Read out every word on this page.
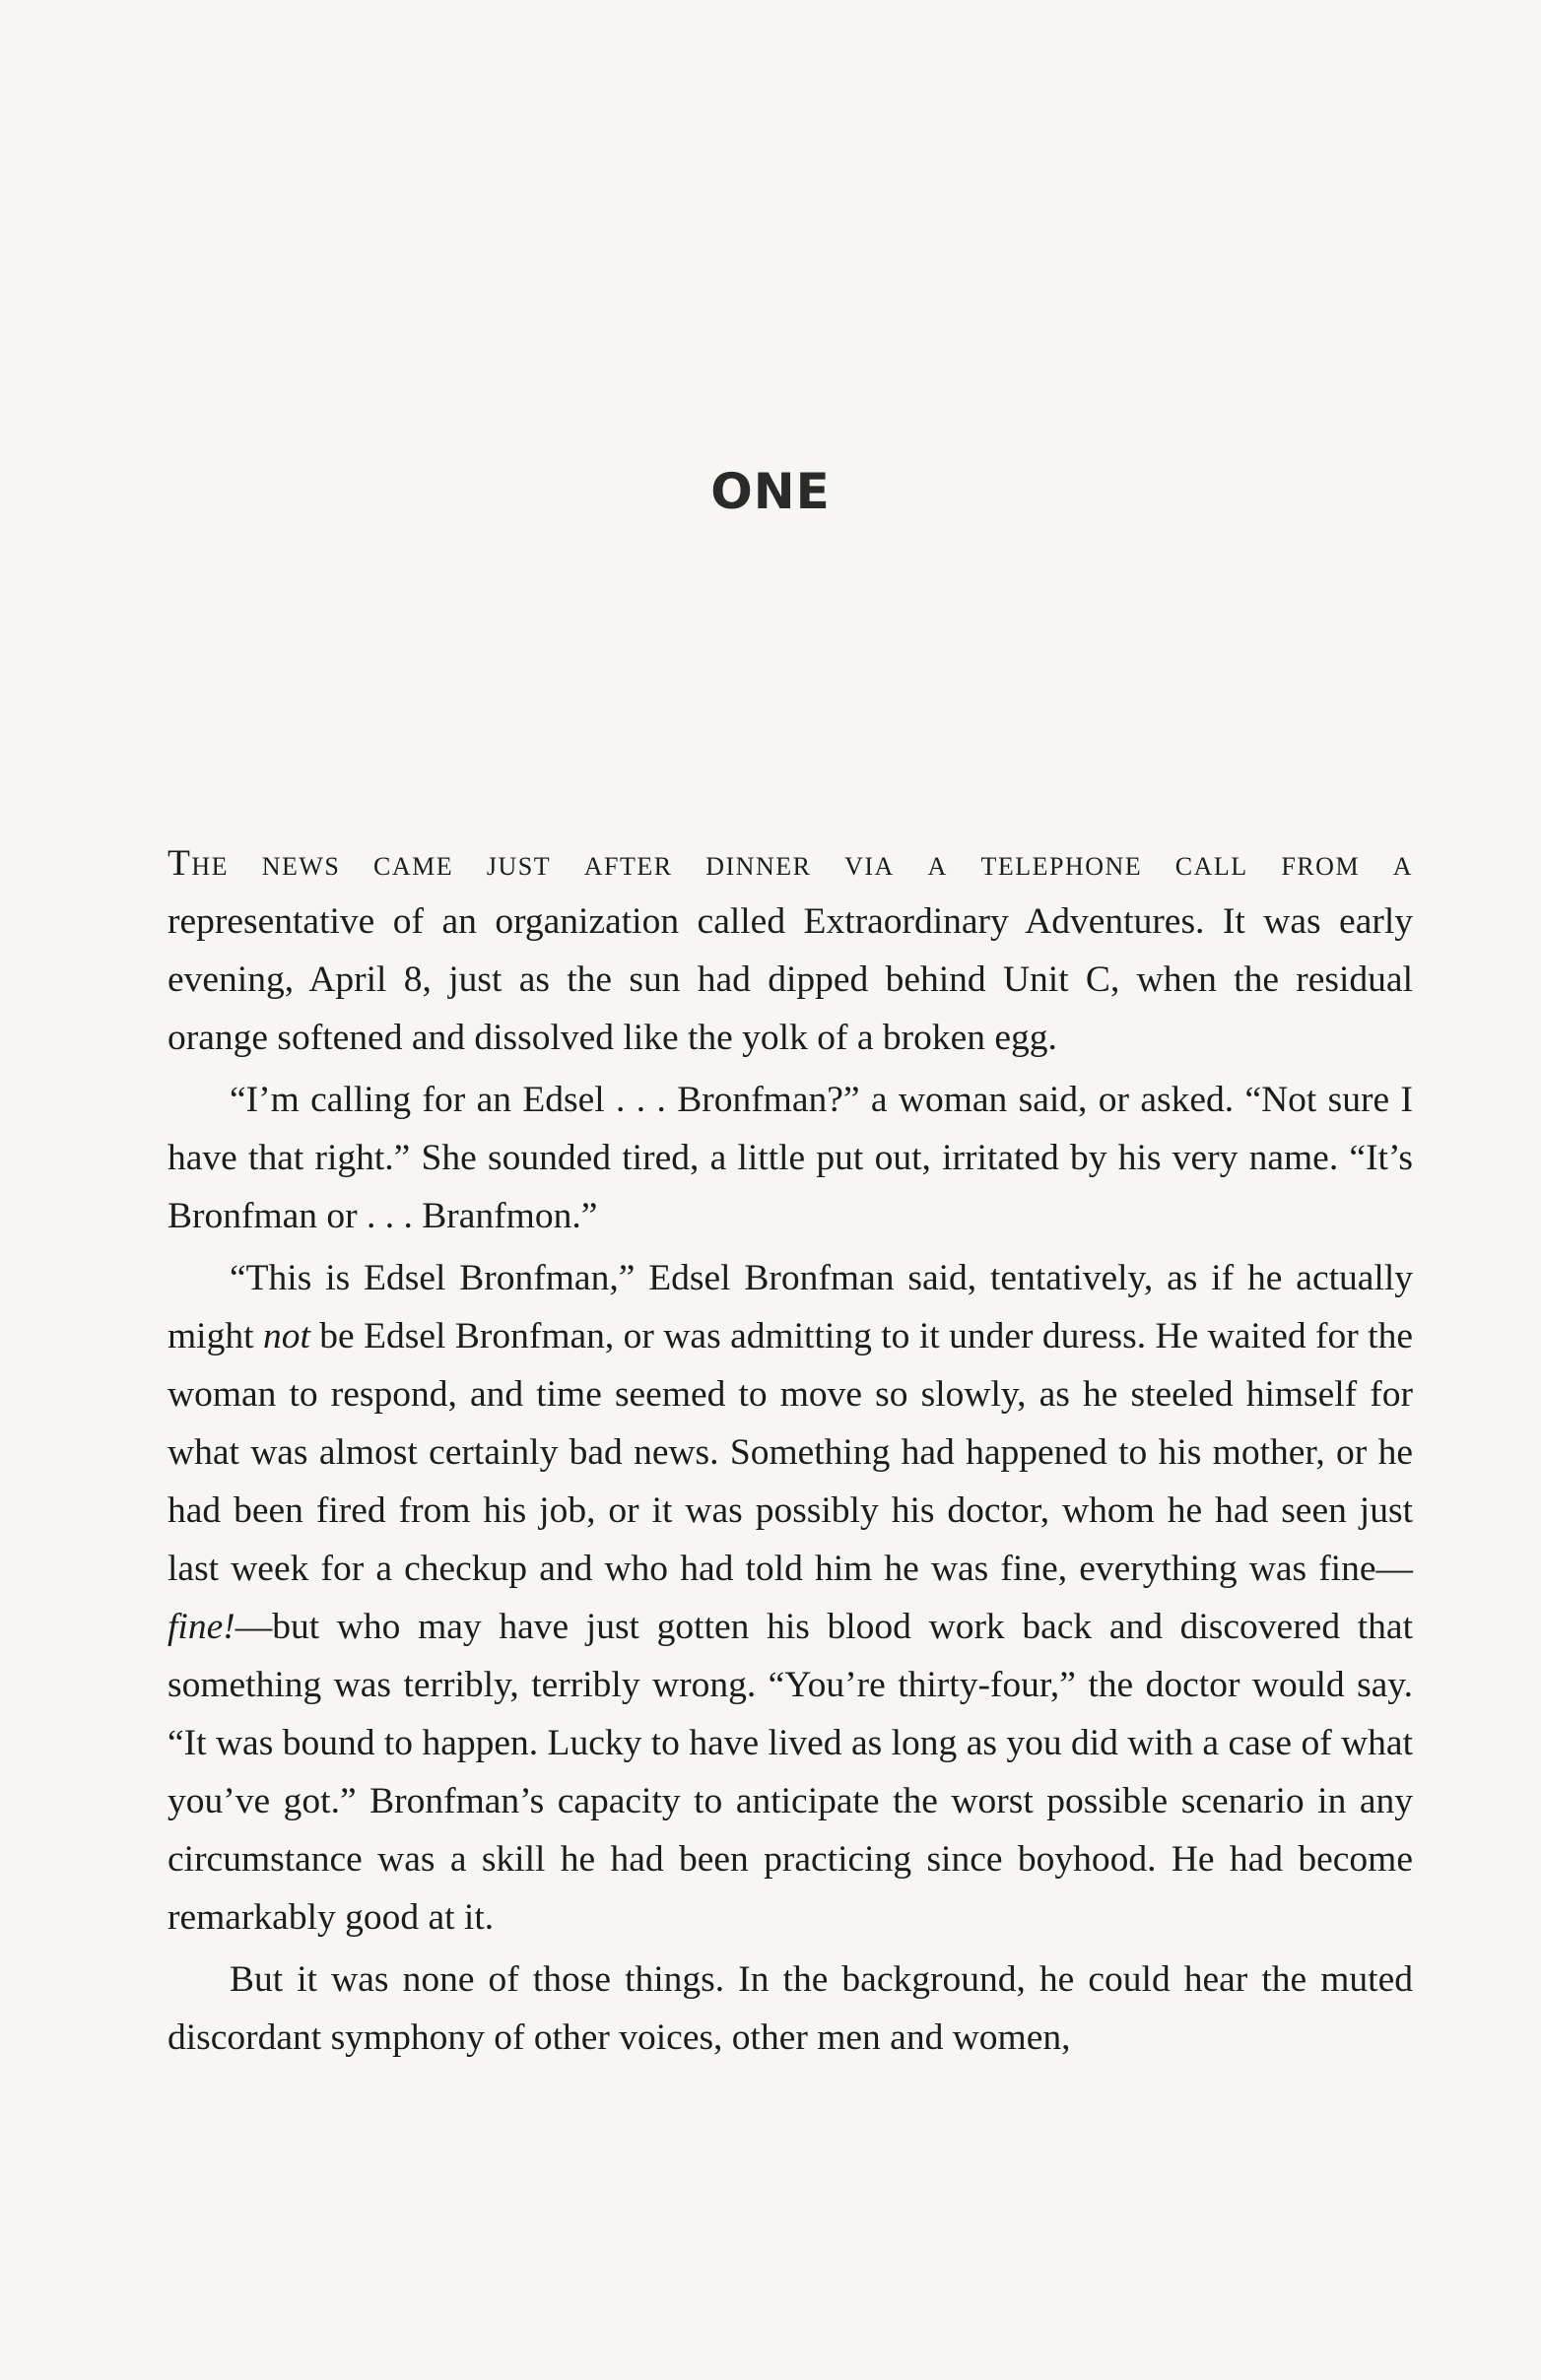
ONE

The news came just after dinner via a telephone call from a
representative of an organization called Extraordinary Adventures. It was early evening, April 8, just as the sun had dipped behind Unit C, when the residual orange softened and dissolved like the yolk of a broken egg.

“I’m calling for an Edsel . . . Bronfman?” a woman said, or asked. “Not sure I have that right.” She sounded tired, a little put out, irritated by his very name. “It’s Bronfman or . . . Branfmon.”

“This is Edsel Bronfman,” Edsel Bronfman said, tentatively, as if he actually might not be Edsel Bronfman, or was admitting to it under duress. He waited for the woman to respond, and time seemed to move so slowly, as he steeled himself for what was almost certainly bad news. Something had happened to his mother, or he had been fired from his job, or it was possibly his doctor, whom he had seen just last week for a checkup and who had told him he was fine, everything was fine—fine!—but who may have just gotten his blood work back and discovered that something was terribly, terribly wrong. “You’re thirty-four,” the doctor would say. “It was bound to happen. Lucky to have lived as long as you did with a case of what you’ve got.” Bronfman’s capacity to anticipate the worst possible scenario in any circumstance was a skill he had been practicing since boyhood. He had become remarkably good at it.

But it was none of those things. In the background, he could hear the muted discordant symphony of other voices, other men and women,
